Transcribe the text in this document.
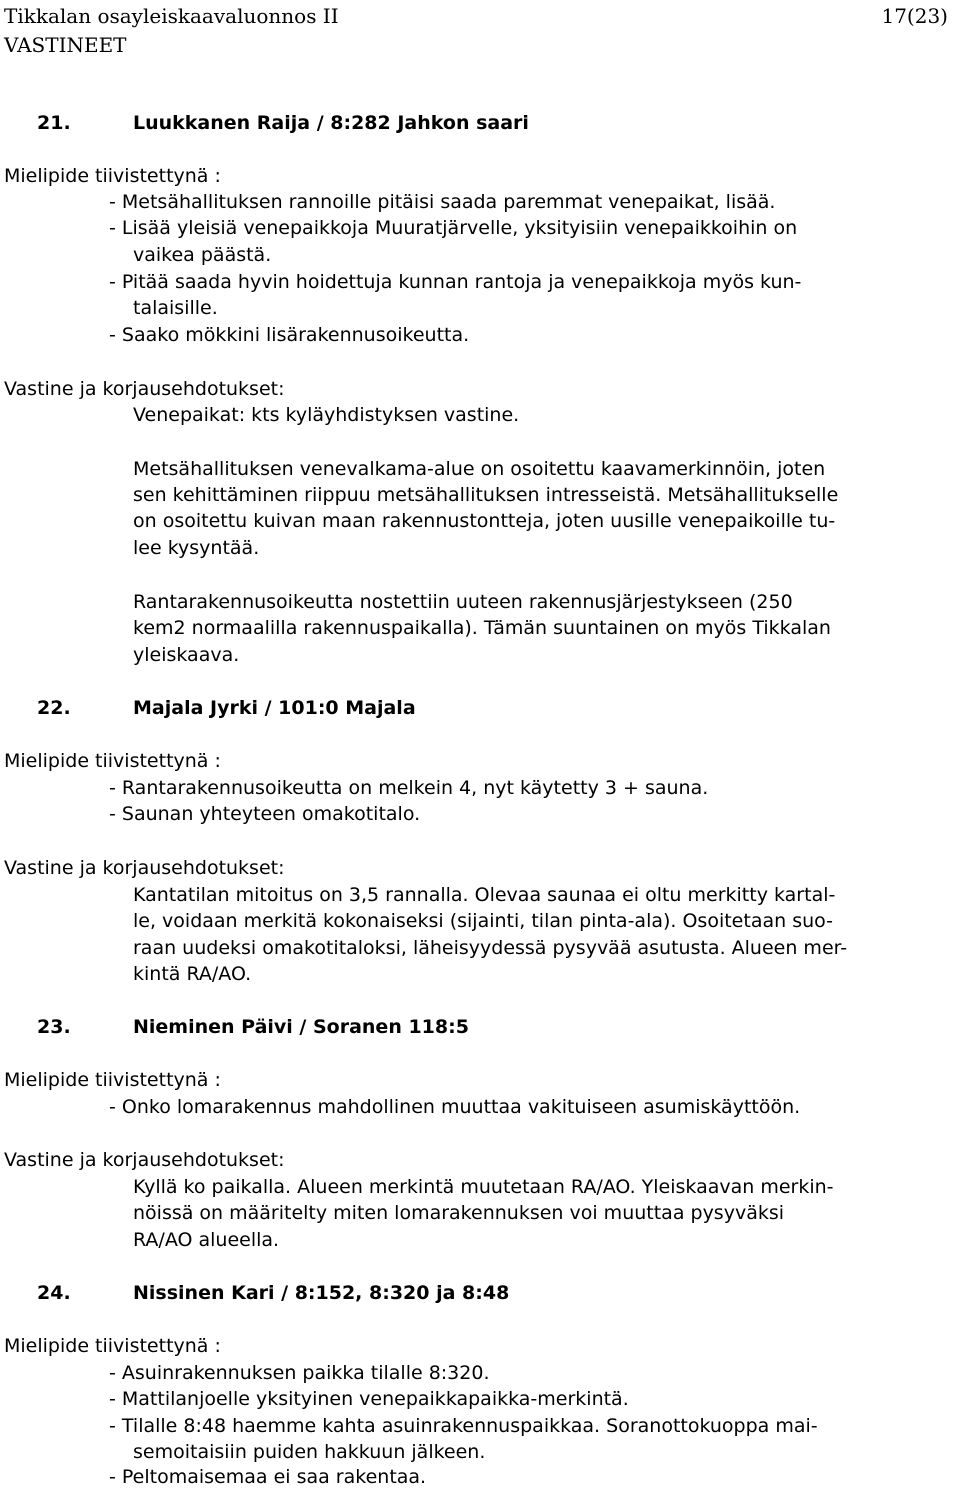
Tikkalan osayleiskaavaluonnos II
VASTINEET
17(23)
21.	Luukkanen Raija / 8:282 Jahkon saari
Mielipide tiivistettynä :
- Metsähallituksen rannoille pitäisi saada paremmat venepaikat, lisää.
- Lisää yleisiä venepaikkoja Muuratjärvelle, yksityisiin venepaikkoihin on
vaikea päästä.
- Pitää saada hyvin hoidettuja kunnan rantoja ja venepaikkoja myös kun-
talaisille.
- Saako mökkini lisärakennusoikeutta.
Vastine ja korjausehdotukset:
Venepaikat: kts kyläyhdistyksen vastine.
Metsähallituksen venevalkama-alue on osoitettu kaavamerkinnöin, joten
sen kehittäminen riippuu metsähallituksen intresseistä. Metsähallitukselle
on osoitettu kuivan maan rakennustontteja, joten uusille venepaikoille tu-
lee kysyntää.
Rantarakennusoikeutta nostettiin uuteen rakennusjärjestykseen (250
kem2 normaalilla rakennuspaikalla). Tämän suuntainen on myös Tikkalan
yleiskaava.
22.	Majala Jyrki / 101:0 Majala
Mielipide tiivistettynä :
- Rantarakennusoikeutta on melkein 4, nyt käytetty 3 + sauna.
- Saunan yhteyteen omakotitalo.
Vastine ja korjausehdotukset:
Kantatilan mitoitus on 3,5 rannalla. Olevaa saunaa ei oltu merkitty kartal-
le, voidaan merkitä kokonaiseksi (sijainti, tilan pinta-ala). Osoitetaan suo-
raan uudeksi omakotitaloksi, läheisyydessä pysyvää asutusta. Alueen mer-
kintä RA/AO.
23.	Nieminen Päivi / Soranen 118:5
Mielipide tiivistettynä :
- Onko lomarakennus mahdollinen muuttaa vakituiseen asumiskäyttöön.
Vastine ja korjausehdotukset:
Kyllä ko paikalla. Alueen merkintä muutetaan RA/AO. Yleiskaavan merkin-
nöissä on määritelty miten lomarakennuksen voi muuttaa pysyväksi
RA/AO alueella.
24.	Nissinen Kari / 8:152, 8:320 ja 8:48
Mielipide tiivistettynä :
- Asuinrakennuksen paikka tilalle 8:320.
- Mattilanjoelle yksityinen venepaikkapaikka-merkintä.
- Tilalle 8:48 haemme kahta asuinrakennuspaikkaa. Soranottokuoppa mai-
semoitaisiin puiden hakkuun jälkeen.
- Peltomaisemaa ei saa rakentaa.
